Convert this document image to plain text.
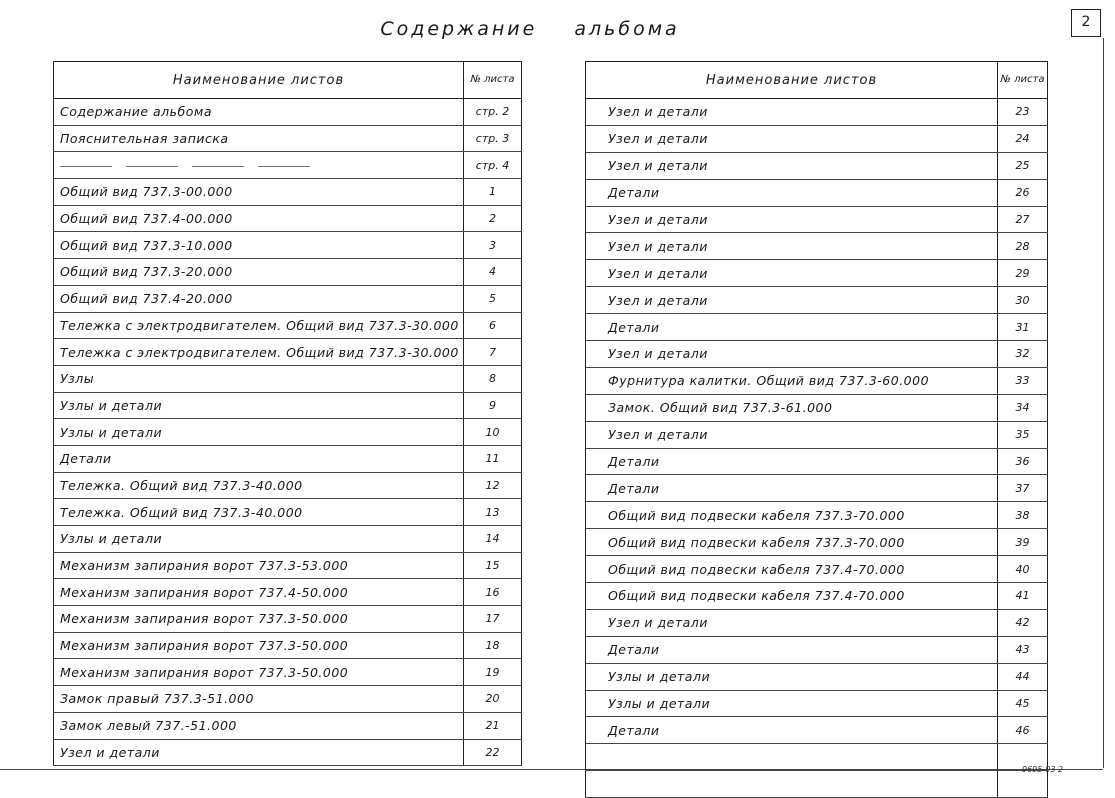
Содержание альбома	2
9695-03 2
Наименование листов	№ листа
Содержание альбома	стр. 2
Пояснительная записка	стр. 3
	стр. 4
Общий вид 737.3-00.000	1
Общий вид 737.4-00.000	2
Общий вид 737.3-10.000	3
Общий вид 737.3-20.000	4
Общий вид 737.4-20.000	5
Тележка с электродвигателем. Общий вид 737.3-30.000	6
Тележка с электродвигателем. Общий вид 737.3-30.000	7
Узлы	8
Узлы и детали	9
Узлы и детали	10
Детали	11
Тележка. Общий вид 737.3-40.000	12
Тележка. Общий вид 737.3-40.000	13
Узлы и детали	14
Механизм запирания ворот 737.3-53.000	15
Механизм запирания ворот 737.4-50.000	16
Механизм запирания ворот 737.3-50.000	17
Механизм запирания ворот 737.3-50.000	18
Механизм запирания ворот 737.3-50.000	19
Замок правый 737.3-51.000	20
Замок левый 737.-51.000	21
Узел и детали	22
Наименование листов	№ листа
Узел и детали	23
Узел и детали	24
Узел и детали	25
Детали	26
Узел и детали	27
Узел и детали	28
Узел и детали	29
Узел и детали	30
Детали	31
Узел и детали	32
Фурнитура калитки. Общий вид 737.3-60.000	33
Замок. Общий вид 737.3-61.000	34
Узел и детали	35
Детали	36
Детали	37
Общий вид подвески кабеля 737.3-70.000	38
Общий вид подвески кабеля 737.3-70.000	39
Общий вид подвески кабеля 737.4-70.000	40
Общий вид подвески кабеля 737.4-70.000	41
Узел и детали	42
Детали	43
Узлы и детали	44
Узлы и детали	45
Детали	46
